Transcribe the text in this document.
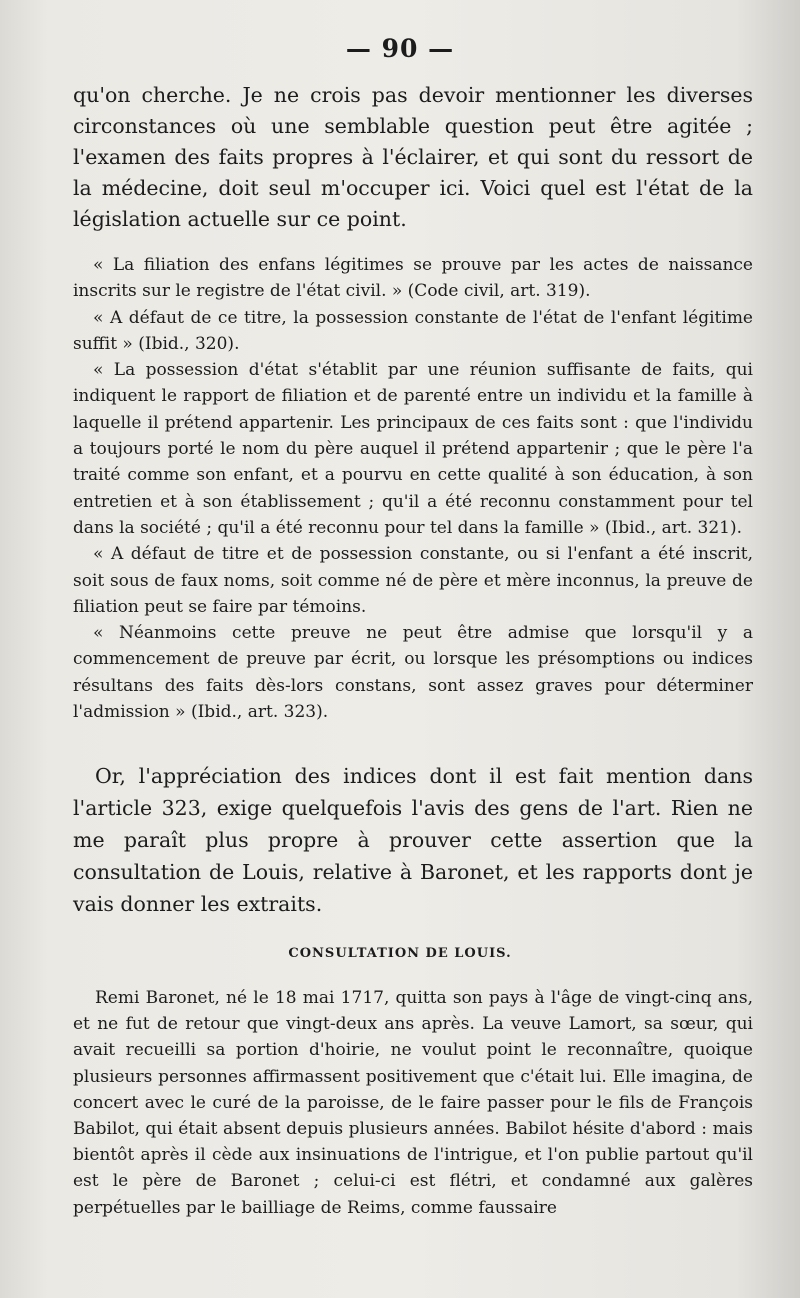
— 90 —

qu'on cherche. Je ne crois pas devoir mentionner les diverses circonstances où une semblable question peut être agitée ; l'examen des faits propres à l'éclairer, et qui sont du ressort de la médecine, doit seul m'occuper ici. Voici quel est l'état de la législation actuelle sur ce point.

« La filiation des enfans légitimes se prouve par les actes de naissance inscrits sur le registre de l'état civil. » (Code civil, art. 319).

« A défaut de ce titre, la possession constante de l'état de l'enfant légitime suffit » (Ibid., 320).

« La possession d'état s'établit par une réunion suffisante de faits, qui indiquent le rapport de filiation et de parenté entre un individu et la famille à laquelle il prétend appartenir. Les principaux de ces faits sont : que l'individu a toujours porté le nom du père auquel il prétend appartenir ; que le père l'a traité comme son enfant, et a pourvu en cette qualité à son éducation, à son entretien et à son établissement ; qu'il a été reconnu constamment pour tel dans la société ; qu'il a été reconnu pour tel dans la famille » (Ibid., art. 321).

« A défaut de titre et de possession constante, ou si l'enfant a été inscrit, soit sous de faux noms, soit comme né de père et mère inconnus, la preuve de filiation peut se faire par témoins.

« Néanmoins cette preuve ne peut être admise que lorsqu'il y a commencement de preuve par écrit, ou lorsque les présomptions ou indices résultans des faits dès-lors constans, sont assez graves pour déterminer l'admission » (Ibid., art. 323).

Or, l'appréciation des indices dont il est fait mention dans l'article 323, exige quelquefois l'avis des gens de l'art. Rien ne me paraît plus propre à prouver cette assertion que la consultation de Louis, relative à Baronet, et les rapports dont je vais donner les extraits.

CONSULTATION DE LOUIS.

Remi Baronet, né le 18 mai 1717, quitta son pays à l'âge de vingt-cinq ans, et ne fut de retour que vingt-deux ans après. La veuve Lamort, sa sœur, qui avait recueilli sa portion d'hoirie, ne voulut point le reconnaître, quoique plusieurs personnes affirmassent positivement que c'était lui. Elle imagina, de concert avec le curé de la paroisse, de le faire passer pour le fils de François Babilot, qui était absent depuis plusieurs années. Babilot hésite d'abord : mais bientôt après il cède aux insinuations de l'intrigue, et l'on publie partout qu'il est le père de Baronet ; celui-ci est flétri, et condamné aux galères perpétuelles par le bailliage de Reims, comme faussaire
